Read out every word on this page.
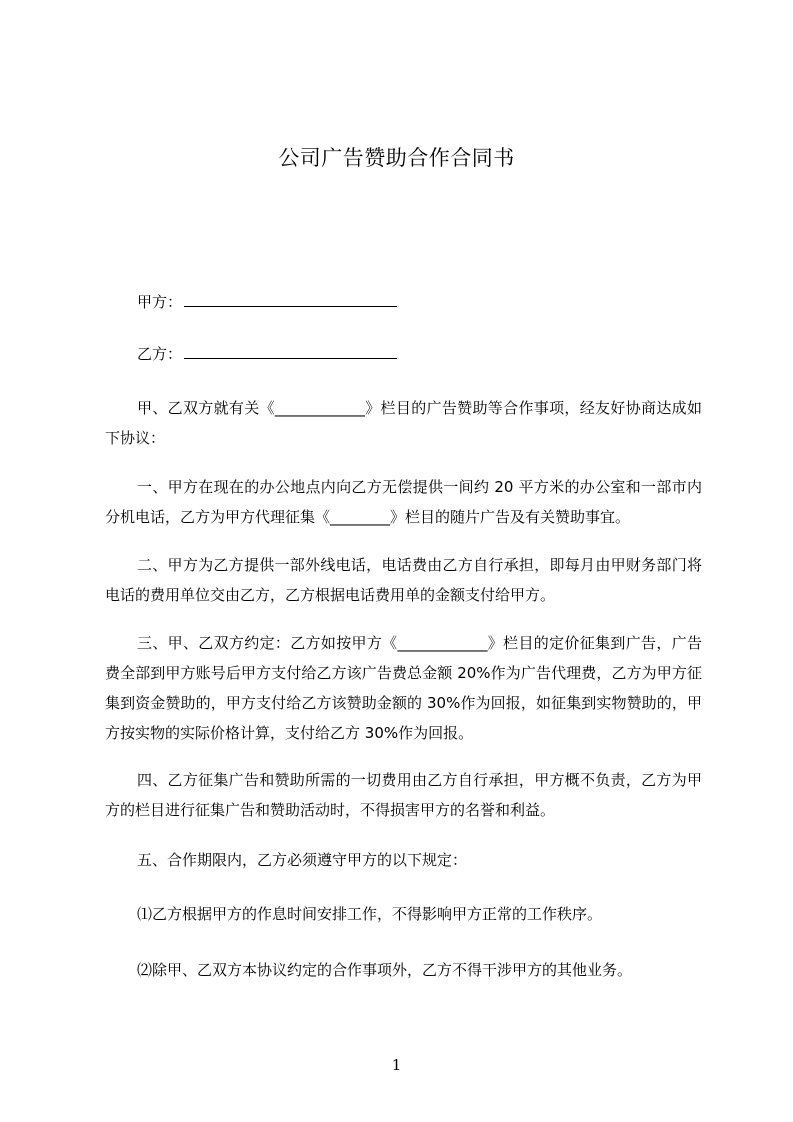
公司广告赞助合作合同书
甲方：
乙方：

甲、乙双方就有关《____________》栏目的广告赞助等合作事项，经友好协商达成如下协议：

一、甲方在现在的办公地点内向乙方无偿提供一间约 20 平方米的办公室和一部市内分机电话，乙方为甲方代理征集《________》栏目的随片广告及有关赞助事宜。

二、甲方为乙方提供一部外线电话，电话费由乙方自行承担，即每月由甲财务部门将电话的费用单位交由乙方，乙方根据电话费用单的金额支付给甲方。

三、甲、乙双方约定：乙方如按甲方《____________》栏目的定价征集到广告，广告费全部到甲方账号后甲方支付给乙方该广告费总金额 20%作为广告代理费，乙方为甲方征集到资金赞助的，甲方支付给乙方该赞助金额的 30%作为回报，如征集到实物赞助的，甲方按实物的实际价格计算，支付给乙方 30%作为回报。

四、乙方征集广告和赞助所需的一切费用由乙方自行承担，甲方概不负责，乙方为甲方的栏目进行征集广告和赞助活动时，不得损害甲方的名誉和利益。

五、合作期限内，乙方必须遵守甲方的以下规定：

⑴乙方根据甲方的作息时间安排工作，不得影响甲方正常的工作秩序。

⑵除甲、乙双方本协议约定的合作事项外，乙方不得干涉甲方的其他业务。

1
